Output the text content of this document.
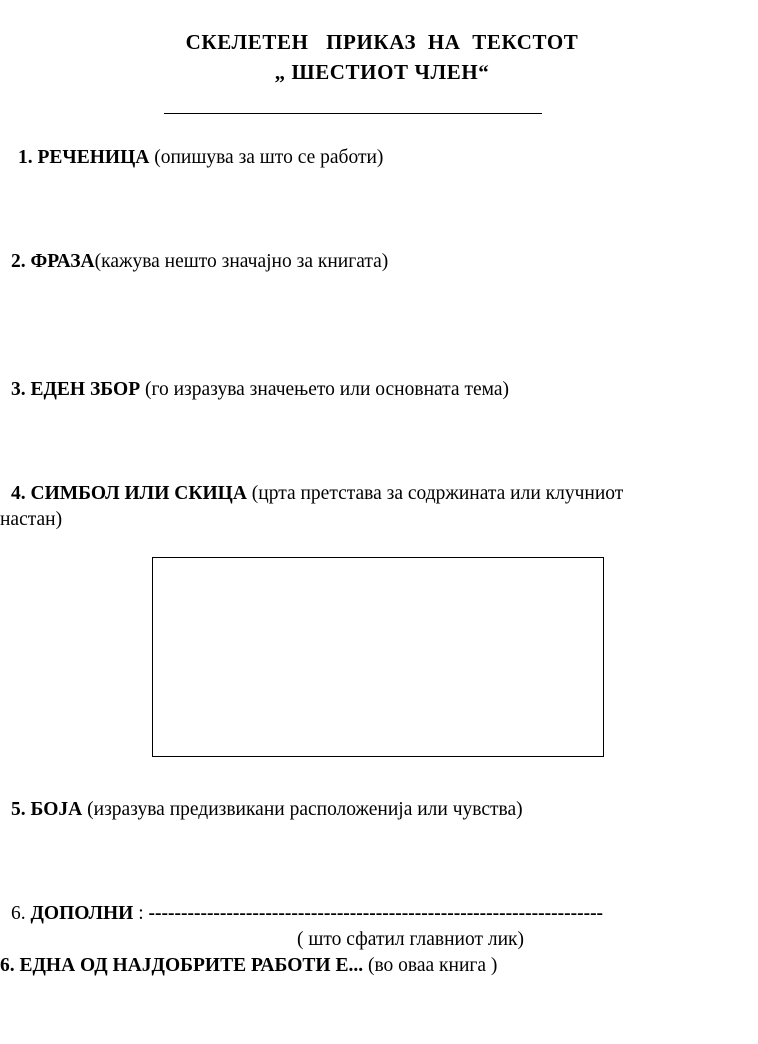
СКЕЛЕТЕН   ПРИКАЗ  НА  ТЕКСТОТ
„ ШЕСТИОТ ЧЛЕН“
1. РЕЧЕНИЦА (опишува за што се работи)
2. ФРАЗА(кажува нешто значајно за книгата)
3. ЕДЕН ЗБОР (го изразува значењето или основната тема)
4. СИМБОЛ ИЛИ СКИЦА (црта претстава за содржината или клучниот
настан)
5. БОЈА (изразува предизвикани расположенија или чувства)
6. ДОПОЛНИ : ----------------------------------------------------------------------
( што сфатил главниот лик)
6. ЕДНА ОД НАЈДОБРИТЕ РАБОТИ Е... (во оваа книга )
